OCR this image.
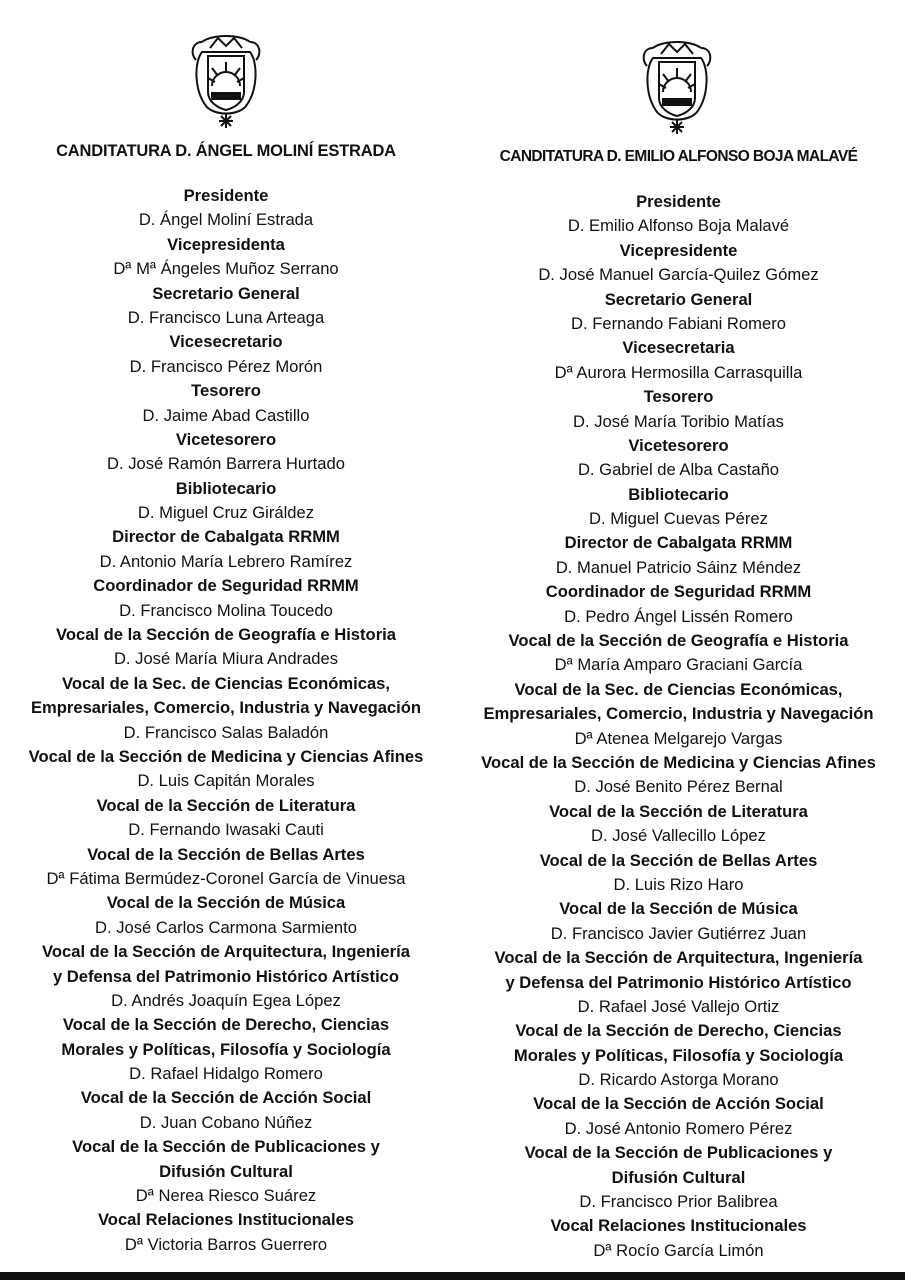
CANDITATURA D. ÁNGEL MOLINÍ ESTRADA
Presidente
D. Ángel Moliní Estrada
Vicepresidenta
Dª Mª Ángeles Muñoz Serrano
Secretario General
D. Francisco Luna Arteaga
Vicesecretario
D. Francisco Pérez Morón
Tesorero
D. Jaime Abad Castillo
Vicetesorero
D. José Ramón Barrera Hurtado
Bibliotecario
D. Miguel Cruz Giráldez
Director de Cabalgata RRMM
D. Antonio María Lebrero Ramírez
Coordinador de Seguridad RRMM
D. Francisco Molina Toucedo
Vocal de la Sección de Geografía e Historia
D. José María Miura Andrades
Vocal de la Sec. de Ciencias Económicas,
Empresariales, Comercio, Industria y Navegación
D. Francisco Salas Baladón
Vocal de la Sección de Medicina y Ciencias Afines
D. Luis Capitán Morales
Vocal de la Sección de Literatura
D. Fernando Iwasaki Cauti
Vocal de la Sección de Bellas Artes
Dª Fátima Bermúdez-Coronel García de Vinuesa
Vocal de la Sección de Música
D. José Carlos Carmona Sarmiento
Vocal de la Sección de Arquitectura, Ingeniería
y Defensa del Patrimonio Histórico Artístico
D. Andrés Joaquín Egea López
Vocal de la Sección de Derecho, Ciencias
Morales y Políticas, Filosofía y Sociología
D. Rafael Hidalgo Romero
Vocal de la Sección de Acción Social
D. Juan Cobano Núñez
Vocal de la Sección de Publicaciones y
Difusión Cultural
Dª Nerea Riesco Suárez
Vocal Relaciones Institucionales
Dª Victoria Barros Guerrero
CANDITATURA D. EMILIO ALFONSO BOJA MALAVÉ
Presidente
D. Emilio Alfonso Boja Malavé
Vicepresidente
D. José Manuel García-Quilez Gómez
Secretario General
D. Fernando Fabiani Romero
Vicesecretaria
Dª Aurora Hermosilla Carrasquilla
Tesorero
D. José María Toribio Matías
Vicetesorero
D. Gabriel de Alba Castaño
Bibliotecario
D. Miguel Cuevas Pérez
Director de Cabalgata RRMM
D. Manuel Patricio Sáinz Méndez
Coordinador de Seguridad RRMM
D. Pedro Ángel Lissén Romero
Vocal de la Sección de Geografía e Historia
Dª María Amparo Graciani García
Vocal de la Sec. de Ciencias Económicas,
Empresariales, Comercio, Industria y Navegación
Dª Atenea Melgarejo Vargas
Vocal de la Sección de Medicina y Ciencias Afines
D. José Benito Pérez Bernal
Vocal de la Sección de Literatura
D. José Vallecillo López
Vocal de la Sección de Bellas Artes
D. Luis Rizo Haro
Vocal de la Sección de Música
D. Francisco Javier Gutiérrez Juan
Vocal de la Sección de Arquitectura, Ingeniería
y Defensa del Patrimonio Histórico Artístico
D. Rafael José Vallejo Ortiz
Vocal de la Sección de Derecho, Ciencias
Morales y Políticas, Filosofía y Sociología
D. Ricardo Astorga Morano
Vocal de la Sección de Acción Social
D. José Antonio Romero Pérez
Vocal de la Sección de Publicaciones y
Difusión Cultural
D. Francisco Prior Balibrea
Vocal Relaciones Institucionales
Dª Rocío García Limón
